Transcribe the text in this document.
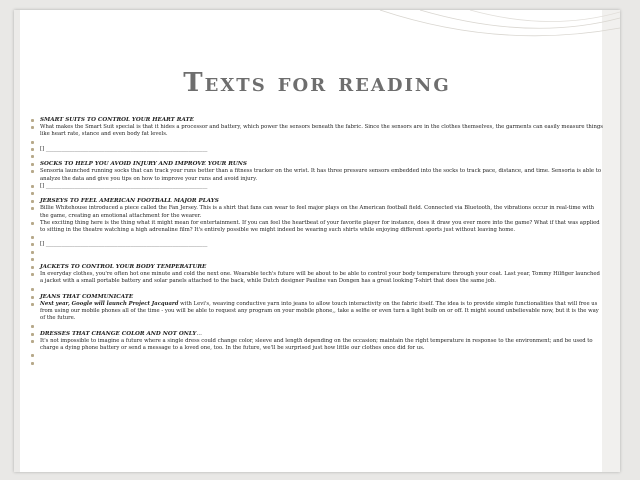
Texts for reading
SMART SUITS TO CONTROL YOUR HEART RATE
What makes the Smart Suit special is that it hides a processor and battery, which power the sensors beneath the fabric. Since the sensors are in the clothes themselves, the garments can easily measure things like heart rate, stance and even body fat levels.
[] _____________________________________________________________
SOCKS TO HELP YOU AVOID INJURY AND IMPROVE YOUR RUNS
Sensoria launched running socks that can track your runs better than a fitness tracker on the wrist. It has three pressure sensors embedded into the socks to track pace, distance, and time. Sensoria is able to analyze the data and give you tips on how to improve your runs and avoid injury.
[] _____________________________________________________________
JERSEYS TO FEEL AMERICAN FOOTBALL MAJOR PLAYS
Billie Whitehouse introduced a piece called the Fan Jersey. This is a shirt that fans can wear to feel major plays on the American football field. Connected via Bluetooth, the vibrations occur in real-time with the game, creating an emotional attachment for the wearer.
The exciting thing here is the thing what it might mean for entertainment. If you can feel the heartbeat of your favorite player for instance, does it draw you ever more into the game? What if that was applied to sitting in the theatre watching a high adrenaline film? It's entirely possible we might indeed be wearing such shirts while enjoying different sports just without leaving home.
[] _____________________________________________________________
JACKETS TO CONTROL YOUR BODY TEMPERATURE
In everyday clothes, you're often hot one minute and cold the next one. Wearable tech's future will be about to be able to control your body temperature through your coat. Last year, Tommy Hilfiger launched a jacket with a small portable battery and solar panels attached to the back, while Dutch designer Pauline van Dongen has a great looking T-shirt that does the same job.
JEANS THAT COMMUNICATE
Next year, Google will launch Project Jacquard with Levi's, weaving conductive yarn into jeans to allow touch interactivity on the fabric itself. The idea is to provide simple functionalities that will free us from using our mobile phones all of the time - you will be able to request any program on your mobile phone,, take a selfie or even turn a light bulb on or off. It might sound unbelievable now, but it is the way of the future.
DRESSES THAT CHANGE COLOR AND NOT ONLY…
It's not impossible to imagine a future where a single dress could change color, sleeve and length depending on the occasion; maintain the right temperature in response to the environment; and be used to charge a dying phone battery or send a message to a loved one, too. In the future, we'll be surprised just how little our clothes once did for us.
